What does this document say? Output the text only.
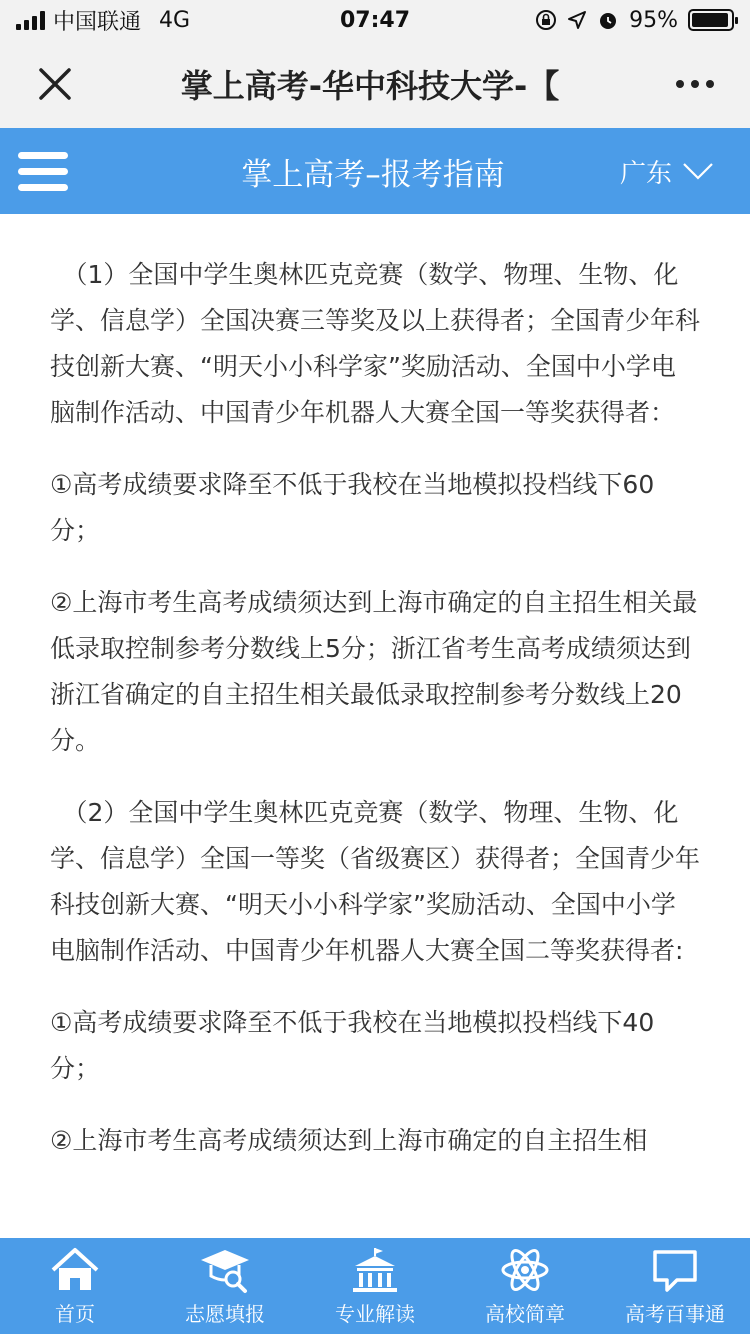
中国联通 4G	07:47	95%
掌上高考-华中科技大学-【
掌上高考–报考指南	广东

（1）全国中学生奥林匹克竞赛（数学、物理、生物、化学、信息学）全国决赛三等奖及以上获得者；全国青少年科技创新大赛、“明天小小科学家”奖励活动、全国中小学电脑制作活动、中国青少年机器人大赛全国一等奖获得者：

①高考成绩要求降至不低于我校在当地模拟投档线下60分；

②上海市考生高考成绩须达到上海市确定的自主招生相关最低录取控制参考分数线上5分；浙江省考生高考成绩须达到浙江省确定的自主招生相关最低录取控制参考分数线上20分。

（2）全国中学生奥林匹克竞赛（数学、物理、生物、化学、信息学）全国一等奖（省级赛区）获得者；全国青少年科技创新大赛、“明天小小科学家”奖励活动、全国中小学电脑制作活动、中国青少年机器人大赛全国二等奖获得者:

①高考成绩要求降至不低于我校在当地模拟投档线下40分；

②上海市考生高考成绩须达到上海市确定的自主招生相

首页	志愿填报	专业解读	高校简章	高考百事通
